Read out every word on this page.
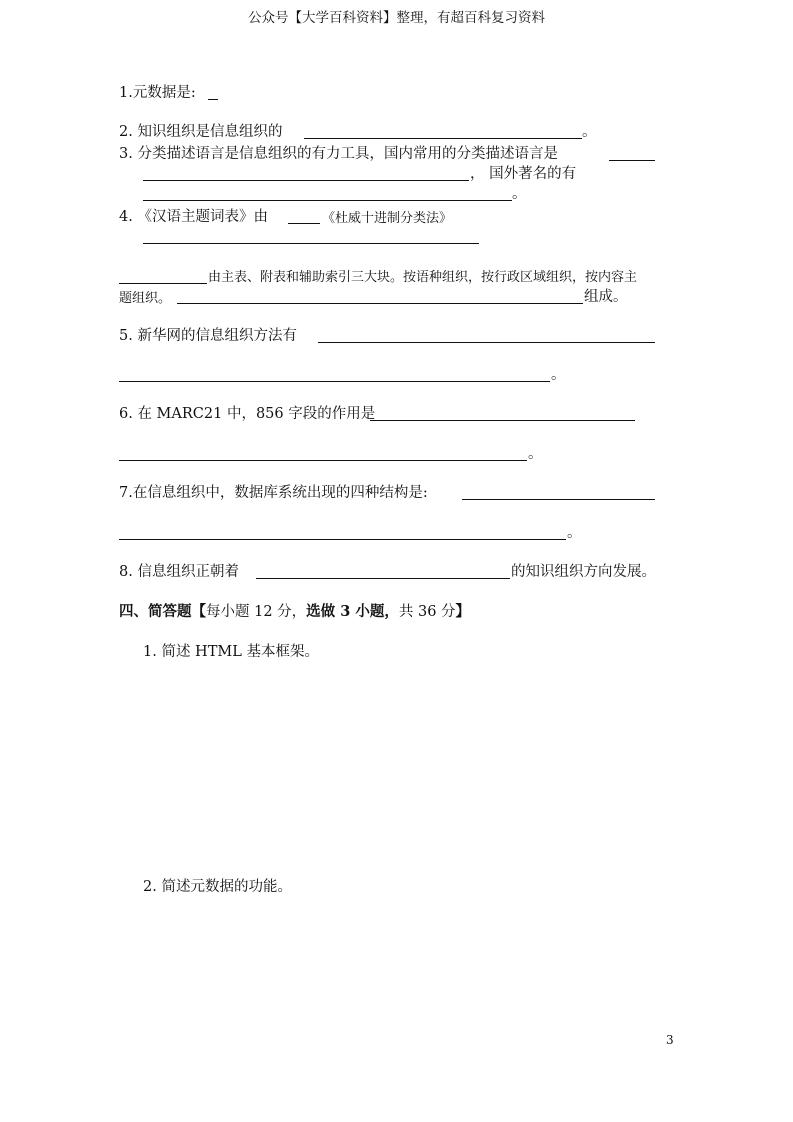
公众号【大学百科资料】整理，有超百科复习资料
1.元数据是:
2. 知识组织是信息组织的	。
3. 分类描述语言是信息组织的有力工具，国内常用的分类描述语言是
， 国外著名的有
。
4. 《汉语主题词表》由	《杜威十进制分类法》
由主表、附表和辅助索引三大块。按语种组织，按行政区域组织，按内容主
题组织。	组成。
5. 新华网的信息组织方法有
。
6. 在 MARC21 中，856 字段的作用是
。
7.在信息组织中，数据库系统出现的四种结构是:
。
8. 信息组织正朝着	的知识组织方向发展。
四、简答题【每小题 12 分，选做 3 小题，共 36 分】
1. 简述 HTML 基本框架。
2. 简述元数据的功能。
3
